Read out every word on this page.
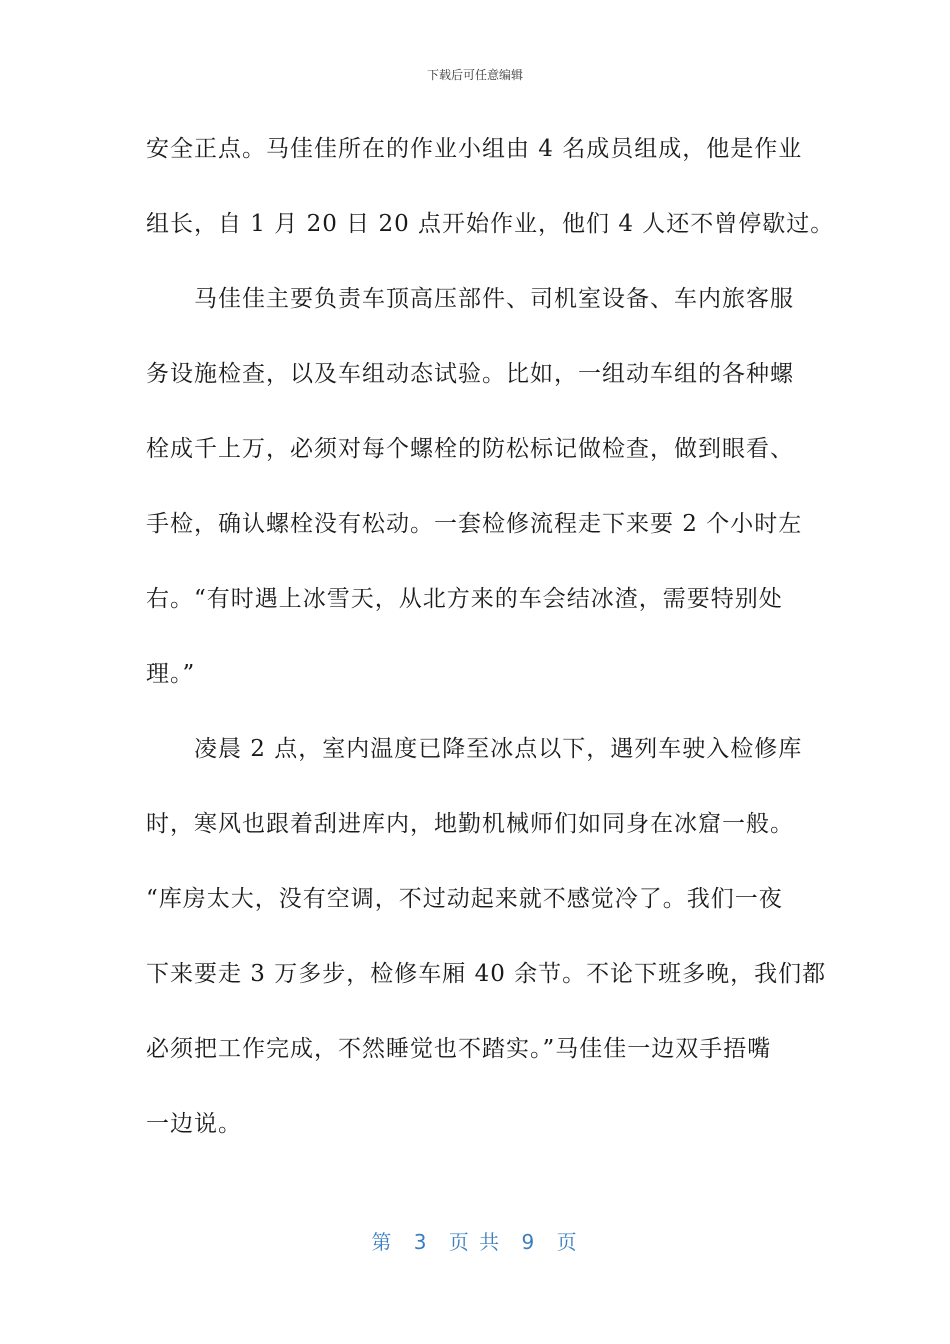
下载后可任意编辑
安全正点。马佳佳所在的作业小组由 4 名成员组成，他是作业
组长，自 1 月 20 日 20 点开始作业，他们 4 人还不曾停歇过。
马佳佳主要负责车顶高压部件、司机室设备、车内旅客服
务设施检查，以及车组动态试验。比如，一组动车组的各种螺
栓成千上万，必须对每个螺栓的防松标记做检查，做到眼看、
手检，确认螺栓没有松动。一套检修流程走下来要 2 个小时左
右。“有时遇上冰雪天，从北方来的车会结冰渣，需要特别处
理。”
凌晨 2 点，室内温度已降至冰点以下，遇列车驶入检修库
时，寒风也跟着刮进库内，地勤机械师们如同身在冰窟一般。
“库房太大，没有空调，不过动起来就不感觉冷了。我们一夜
下来要走 3 万多步，检修车厢 40 余节。不论下班多晚，我们都
必须把工作完成，不然睡觉也不踏实。”马佳佳一边双手捂嘴
一边说。
第 3 页 共 9 页
